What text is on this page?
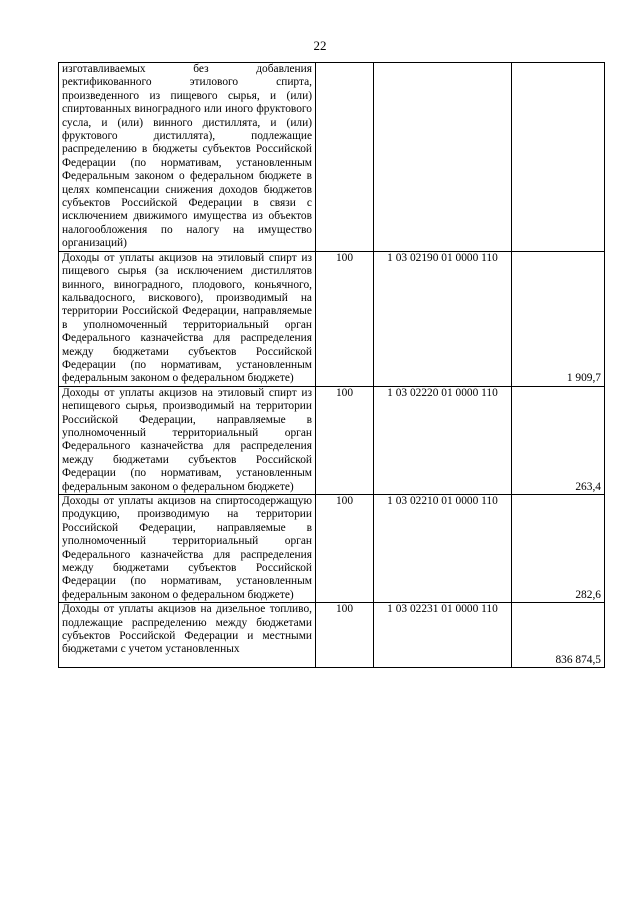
22
изготавливаемых без добавления ректификованного этилового спирта, произведенного из пищевого сырья, и (или) спиртованных виноградного или иного фруктового сусла, и (или) винного дистиллята, и (или) фруктового дистиллята), подлежащие распределению в бюджеты субъектов Российской Федерации (по нормативам, установленным Федеральным законом о федеральном бюджете в целях компенсации снижения доходов бюджетов субъектов Российской Федерации в связи с исключением движимого имущества из объектов налогообложения по налогу на имущество организаций)			
Доходы от уплаты акцизов на этиловый спирт из пищевого сырья (за исключением дистиллятов винного, виноградного, плодового, коньячного, кальвадосного, вискового), производимый на территории Российской Федерации, направляемые в уполномоченный территориальный орган Федерального казначейства для распределения между бюджетами субъектов Российской Федерации (по нормативам, установленным федеральным законом о федеральном бюджете)	100	1 03 02190 01 0000 110	1 909,7
Доходы от уплаты акцизов на этиловый спирт из непищевого сырья, производимый на территории Российской Федерации, направляемые в уполномоченный территориальный орган Федерального казначейства для распределения между бюджетами субъектов Российской Федерации (по нормативам, установленным федеральным законом о федеральном бюджете)	100	1 03 02220 01 0000 110	263,4
Доходы от уплаты акцизов на спиртосодержащую продукцию, производимую на территории Российской Федерации, направляемые в уполномоченный территориальный орган Федерального казначейства для распределения между бюджетами субъектов Российской Федерации (по нормативам, установленным федеральным законом о федеральном бюджете)	100	1 03 02210 01 0000 110	282,6

Доходы от уплаты акцизов на дизельное топливо, подлежащие распределению между бюджетами субъектов Российской Федерации и местными бюджетами с учетом установленных	100	1 03 02231 01 0000 110	836 874,5
